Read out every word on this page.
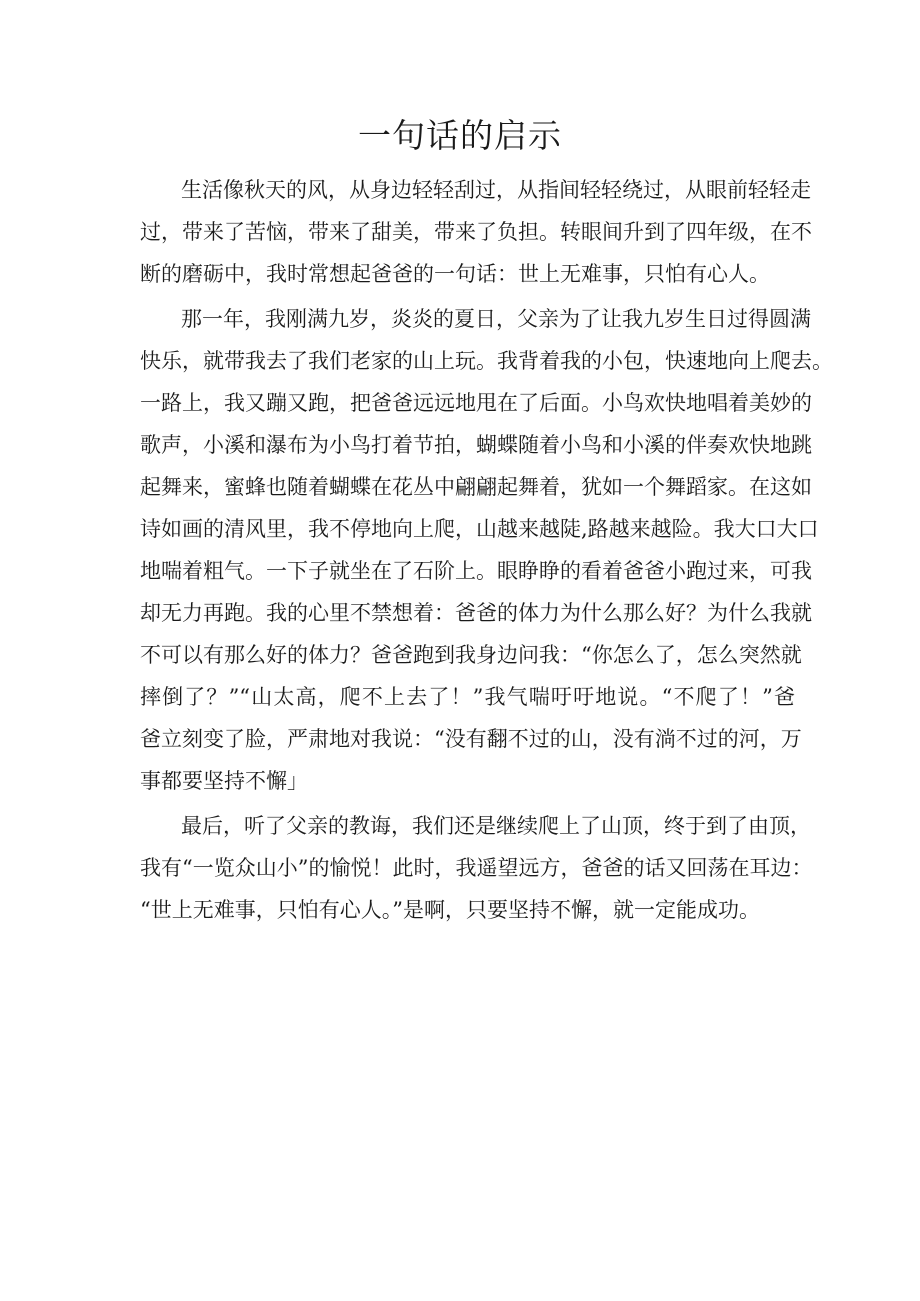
一句话的启示
生活像秋天的风，从身边轻轻刮过，从指间轻轻绕过，从眼前轻轻走
过，带来了苦恼，带来了甜美，带来了负担。转眼间升到了四年级，在不
断的磨砺中，我时常想起爸爸的一句话：世上无难事，只怕有心人。
那一年，我刚满九岁，炎炎的夏日，父亲为了让我九岁生日过得圆满
快乐，就带我去了我们老家的山上玩。我背着我的小包，快速地向上爬去。
一路上，我又蹦又跑，把爸爸远远地甩在了后面。小鸟欢快地唱着美妙的
歌声，小溪和瀑布为小鸟打着节拍，蝴蝶随着小鸟和小溪的伴奏欢快地跳
起舞来，蜜蜂也随着蝴蝶在花丛中翩翩起舞着，犹如一个舞蹈家。在这如
诗如画的清风里，我不停地向上爬，山越来越陡,路越来越险。我大口大口
地喘着粗气。一下子就坐在了石阶上。眼睁睁的看着爸爸小跑过来，可我
却无力再跑。我的心里不禁想着：爸爸的体力为什么那么好？为什么我就
不可以有那么好的体力？爸爸跑到我身边问我：“你怎么了，怎么突然就
摔倒了？”“山太高，爬不上去了！”我气喘吁吁地说。“不爬了！”爸
爸立刻变了脸，严肃地对我说：“没有翻不过的山，没有淌不过的河，万
事都要坚持不懈」
最后，听了父亲的教诲，我们还是继续爬上了山顶，终于到了由顶，
我有“一览众山小”的愉悦！此时，我遥望远方，爸爸的话又回荡在耳边：
“世上无难事，只怕有心人。”是啊，只要坚持不懈，就一定能成功。
